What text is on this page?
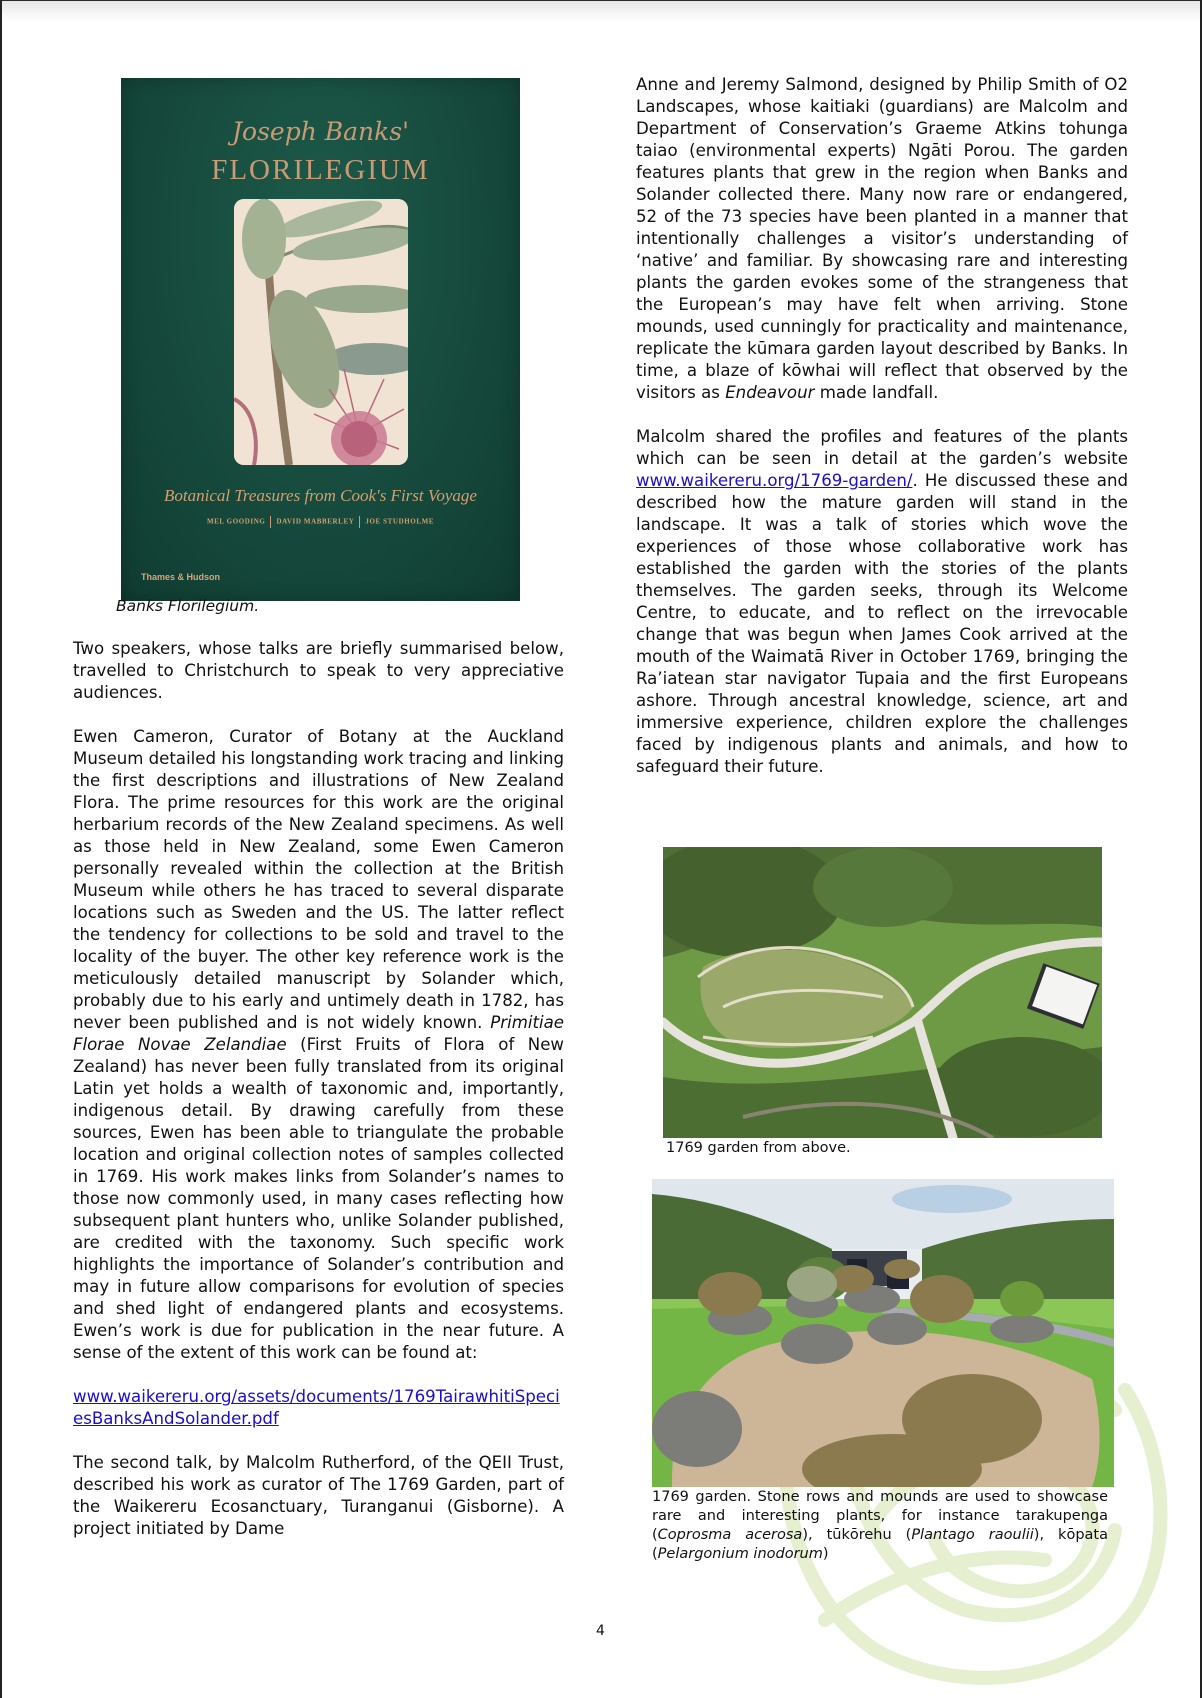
Joseph Banks'
FLORILEGIUM
Botanical Treasures from Cook's First Voyage
MEL GOODING DAVID MABBERLEY JOE STUDHOLME
Thames & Hudson
Banks Florilegium.

Two speakers, whose talks are briefly summarised below, travelled to Christchurch to speak to very appreciative audiences.

Ewen Cameron, Curator of Botany at the Auckland Museum detailed his longstanding work tracing and linking the first descriptions and illustrations of New Zealand Flora. The prime resources for this work are the original herbarium records of the New Zealand specimens. As well as those held in New Zealand, some Ewen Cameron personally revealed within the collection at the British Museum while others he has traced to several disparate locations such as Sweden and the US. The latter reflect the tendency for collections to be sold and travel to the locality of the buyer. The other key reference work is the meticulously detailed manuscript by Solander which, probably due to his early and untimely death in 1782, has never been published and is not widely known. Primitiae Florae Novae Zelandiae (First Fruits of Flora of New Zealand) has never been fully translated from its original Latin yet holds a wealth of taxonomic and, importantly, indigenous detail. By drawing carefully from these sources, Ewen has been able to triangulate the probable location and original collection notes of samples collected in 1769. His work makes links from Solander’s names to those now commonly used, in many cases reflecting how subsequent plant hunters who, unlike Solander published, are credited with the taxonomy. Such specific work highlights the importance of Solander’s contribution and may in future allow comparisons for evolution of species and shed light of endangered plants and ecosystems. Ewen’s work is due for publication in the near future. A sense of the extent of this work can be found at:

www.waikereru.org/assets/documents/1769TairawhitiSpeciesBanksAndSolander.pdf

The second talk, by Malcolm Rutherford, of the QEII Trust, described his work as curator of The 1769 Garden, part of the Waikereru Ecosanctuary, Turanganui (Gisborne). A project initiated by Dame

Anne and Jeremy Salmond, designed by Philip Smith of O2 Landscapes, whose kaitiaki (guardians) are Malcolm and Department of Conservation’s Graeme Atkins tohunga taiao (environmental experts) Ngāti Porou. The garden features plants that grew in the region when Banks and Solander collected there. Many now rare or endangered, 52 of the 73 species have been planted in a manner that intentionally challenges a visitor’s understanding of ‘native’ and familiar. By showcasing rare and interesting plants the garden evokes some of the strangeness that the European’s may have felt when arriving. Stone mounds, used cunningly for practicality and maintenance, replicate the kūmara garden layout described by Banks. In time, a blaze of kōwhai will reflect that observed by the visitors as Endeavour made landfall.

Malcolm shared the profiles and features of the plants which can be seen in detail at the garden’s website www.waikereru.org/1769-garden/. He discussed these and described how the mature garden will stand in the landscape. It was a talk of stories which wove the experiences of those whose collaborative work has established the garden with the stories of the plants themselves. The garden seeks, through its Welcome Centre, to educate, and to reflect on the irrevocable change that was begun when James Cook arrived at the mouth of the Waimatā River in October 1769, bringing the Ra’iatean star navigator Tupaia and the first Europeans ashore. Through ancestral knowledge, science, art and immersive experience, children explore the challenges faced by indigenous plants and animals, and how to safeguard their future.

1769 garden from above.
1769 garden. Stone rows and mounds are used to showcase rare and interesting plants, for instance tarakupenga (Coprosma acerosa), tūkōrehu (Plantago raoulii), kōpata (Pelargonium inodorum)
4
